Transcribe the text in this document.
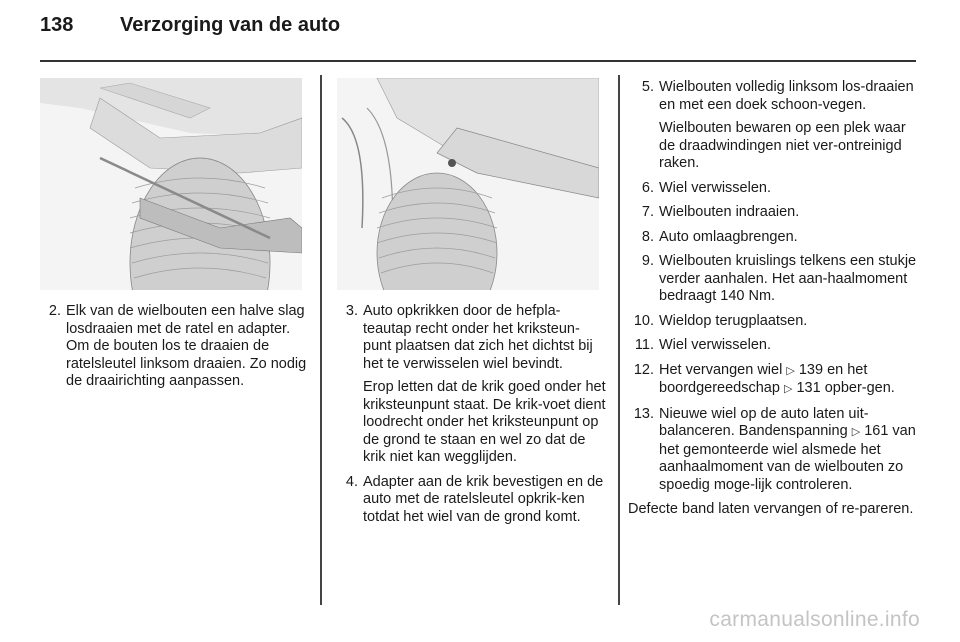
138 Verzorging van de auto
2. Elk van de wielbouten een halve slag losdraaien met de ratel en adapter. Om de bouten los te draaien de ratelsleutel linksom draaien. Zo nodig de draairichting aanpassen.
3. Auto opkrikken door de hefpla-teautap recht onder het kriksteun-punt plaatsen dat zich het dichtst bij het te verwisselen wiel bevindt.
Erop letten dat de krik goed onder het kriksteunpunt staat. De krik-voet dient loodrecht onder het kriksteunpunt op de grond te staan en wel zo dat de krik niet kan wegglijden.
4. Adapter aan de krik bevestigen en de auto met de ratelsleutel opkrik-ken totdat het wiel van de grond komt.
5. Wielbouten volledig linksom los-draaien en met een doek schoon-vegen.
Wielbouten bewaren op een plek waar de draadwindingen niet ver-ontreinigd raken.
6. Wiel verwisselen.
7. Wielbouten indraaien.
8. Auto omlaagbrengen.
9. Wielbouten kruislings telkens een stukje verder aanhalen. Het aan-haalmoment bedraagt 140 Nm.
10. Wieldop terugplaatsen.
11. Wiel verwisselen.
12. Het vervangen wiel ▷ 139 en het boordgereedschap ▷ 131 opber-gen.
13. Nieuwe wiel op de auto laten uit-balanceren. Bandenspanning ▷ 161 van het gemonteerde wiel alsmede het aanhaalmoment van de wielbouten zo spoedig moge-lijk controleren.
Defecte band laten vervangen of re-pareren.
carmanualsonline.info
